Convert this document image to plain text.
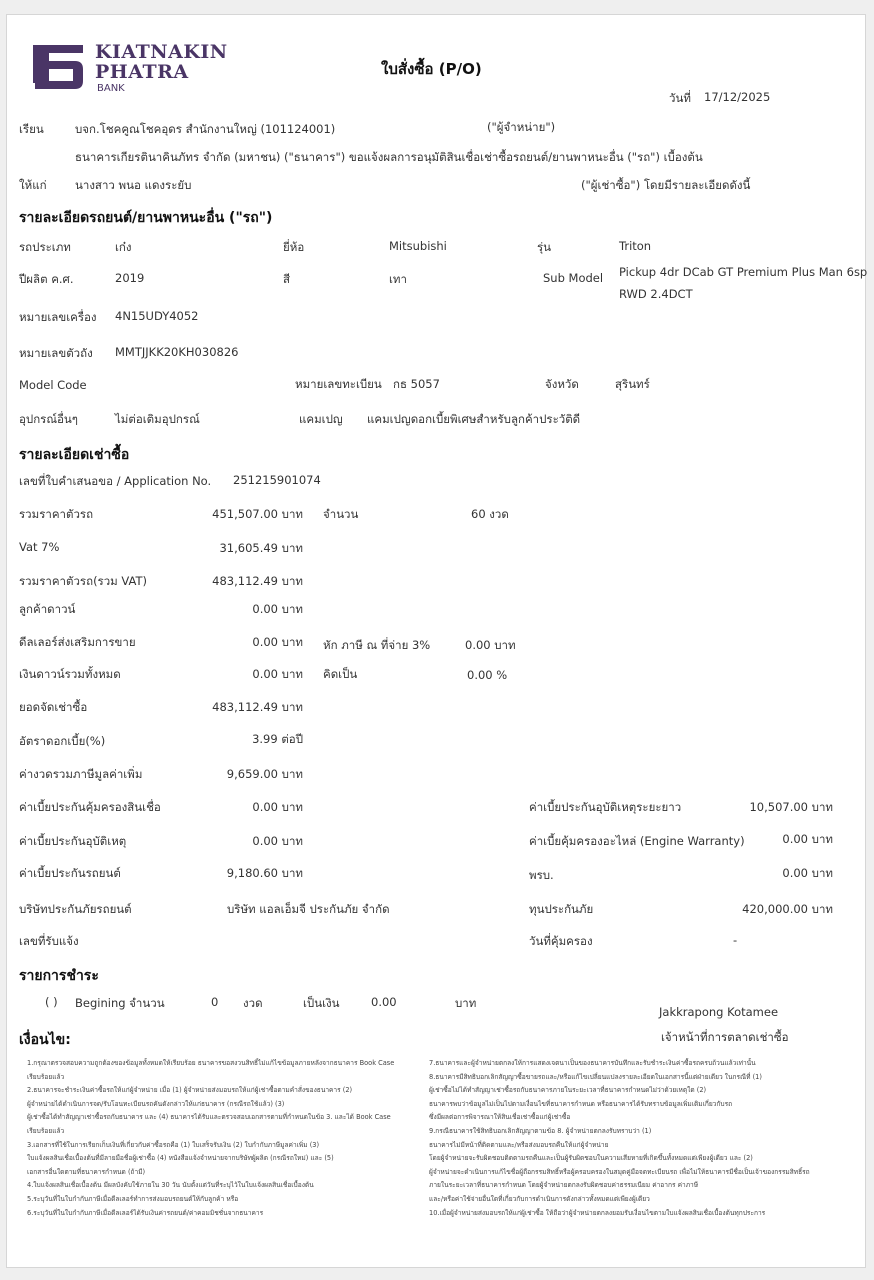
KIATNAKIN
PHATRA
BANK
ใบสั่งซื้อ (P/O)
วันที่ 17/12/2025
เรียน	บจก.โชคคูณโชคอุดร สำนักงานใหญ่ (101124001)	("ผู้จำหน่าย")
ธนาคารเกียรตินาคินภัทร จำกัด (มหาชน) ("ธนาคาร") ขอแจ้งผลการอนุมัติสินเชื่อเช่าซื้อรถยนต์/ยานพาหนะอื่น ("รถ") เบื้องต้น
ให้แก่ นางสาว พนอ แดงระยับ	("ผู้เช่าซื้อ") โดยมีรายละเอียดดังนี้
รายละเอียดรถยนต์/ยานพาหนะอื่น ("รถ")
รถประเภท	เก๋ง	ยี่ห้อ	Mitsubishi	รุ่น	Triton
ปีผลิต ค.ศ.	2019	สี	เทา	Sub Model Pickup 4dr DCab GT Premium Plus Man 6sp
RWD 2.4DCT
หมายเลขเครื่อง 4N15UDY4052
หมายเลขตัวถัง MMTJJKK20KH030826
Model Code	หมายเลขทะเบียน กธ 5057	จังหวัด	สุรินทร์
อุปกรณ์อื่นๆ	ไม่ต่อเติมอุปกรณ์	แคมเปญ แคมเปญดอกเบี้ยพิเศษสำหรับลูกค้าประวัติดี
รายละเอียดเช่าซื้อ
เลขที่ใบคำเสนอขอ / Application No. 251215901074
รวมราคาตัวรถ	451,507.00 บาท จำนวน	60 งวด
Vat 7%	31,605.49 บาท
รวมราคาตัวรถ(รวม VAT)	483,112.49 บาท
ลูกค้าดาวน์	0.00 บาท
ดีลเลอร์ส่งเสริมการขาย	0.00 บาท หัก ภาษี ณ ที่จ่าย 3%	0.00 บาท
เงินดาวน์รวมทั้งหมด	0.00 บาท คิดเป็น	0.00 %
ยอดจัดเช่าซื้อ	483,112.49 บาท
อัตราดอกเบี้ย(%)	3.99 ต่อปี
ค่างวดรวมภาษีมูลค่าเพิ่ม	9,659.00 บาท
ค่าเบี้ยประกันคุ้มครองสินเชื่อ	0.00 บาท	ค่าเบี้ยประกันอุบัติเหตุระยะยาว	10,507.00 บาท
ค่าเบี้ยประกันอุบัติเหตุ	0.00 บาท	ค่าเบี้ยคุ้มครองอะไหล่ (Engine Warranty)	0.00 บาท
ค่าเบี้ยประกันรถยนต์	9,180.60 บาท	พรบ.	0.00 บาท
บริษัทประกันภัยรถยนต์	บริษัท แอลเอ็มจี ประกันภัย จำกัด	ทุนประกันภัย	420,000.00 บาท
เลขที่รับแจ้ง	วันที่คุ้มครอง	-
รายการชำระ
( ) Begining จำนวน	0 งวด	เป็นเงิน	0.00	บาท
Jakkrapong Kotamee
เจ้าหน้าที่การตลาดเช่าซื้อ
เงื่อนไข:
1.กรุณาตรวจสอบความถูกต้องของข้อมูลทั้งหมดให้เรียบร้อย ธนาคารขอสงวนสิทธิ์ไม่แก้ไขข้อมูลภายหลังจากธนาคาร Book Case
เรียบร้อยแล้ว
2.ธนาคารจะชำระเงินค่าซื้อรถให้แก่ผู้จำหน่าย เมื่อ (1) ผู้จำหน่ายส่งมอบรถให้แก่ผู้เช่าซื้อตามคำสั่งของธนาคาร (2)
ผู้จำหน่ายได้ดำเนินการจด/รับโอนทะเบียนรถคันดังกล่าวให้แก่ธนาคาร (กรณีรถใช้แล้ว) (3)
ผู้เช่าซื้อได้ทำสัญญาเช่าซื้อรถกับธนาคาร และ (4) ธนาคารได้รับและตรวจสอบเอกสารตามที่กำหนดในข้อ 3. และได้ Book Case
เรียบร้อยแล้ว
3.เอกสารที่ใช้ในการเรียกเก็บเงินที่เกี่ยวกับค่าซื้อรถคือ (1) ใบเสร็จรับเงิน (2) ใบกำกับภาษีมูลค่าเพิ่ม (3)
ใบแจ้งผลสินเชื่อเบื้องต้นที่มีลายมือชื่อผู้เช่าซื้อ (4) หนังสือแจ้งจำหน่ายจากบริษัทผู้ผลิต (กรณีรถใหม่) และ (5)
เอกสารอื่นใดตามที่ธนาคารกำหนด (ถ้ามี)
4.ใบแจ้งผลสินเชื่อเบื้องต้น มีผลบังคับใช้ภายใน 30 วัน นับตั้งแต่วันที่ระบุไว้ในใบแจ้งผลสินเชื่อเบื้องต้น
5.ระบุวันที่ในใบกำกับภาษีเมื่อดีลเลอร์ทำการส่งมอบรถยนต์ให้กับลูกค้า หรือ
6.ระบุวันที่ในใบกำกับภาษีเมื่อดีลเลอร์ได้รับเงินค่ารถยนต์/ค่าคอมมิชชั่นจากธนาคาร
7.ธนาคารและผู้จำหน่ายตกลงให้การแสดงเจตนาเป็นของธนาคารบันทึกและรับชำระเงินค่าซื้อรถครบถ้วนแล้วเท่านั้น
8.ธนาคารมีสิทธิบอกเลิกสัญญาซื้อขายรถและ/หรือแก้ไขเปลี่ยนแปลงรายละเอียดในเอกสารนี้แต่ฝ่ายเดียว ในกรณีที่ (1)
ผู้เช่าซื้อไม่ได้ทำสัญญาเช่าซื้อรถกับธนาคารภายในระยะเวลาที่ธนาคารกำหนดไม่ว่าด้วยเหตุใด (2)
ธนาคารพบว่าข้อมูลไม่เป็นไปตามเงื่อนไขที่ธนาคารกำหนด หรือธนาคารได้รับทราบข้อมูลเพิ่มเติมเกี่ยวกับรถ
ซึ่งมีผลต่อการพิจารณาให้สินเชื่อเช่าซื้อแก่ผู้เช่าซื้อ
9.กรณีธนาคารใช้สิทธิบอกเลิกสัญญาตามข้อ 8. ผู้จำหน่ายตกลงรับทราบว่า (1)
ธนาคารไม่มีหน้าที่ติดตามและ/หรือส่งมอบรถคืนให้แก่ผู้จำหน่าย
โดยผู้จำหน่ายจะรับผิดชอบติดตามรถคืนและเป็นผู้รับผิดชอบในความเสียหายที่เกิดขึ้นทั้งหมดแต่เพียงผู้เดียว และ (2)
ผู้จำหน่ายจะดำเนินการแก้ไขชื่อผู้ถือกรรมสิทธิ์หรือผู้ครอบครองในสมุดคู่มือจดทะเบียนรถ เพื่อไม่ให้ธนาคารมีชื่อเป็นเจ้าของกรรมสิทธิ์รถ
ภายในระยะเวลาที่ธนาคารกำหนด โดยผู้จำหน่ายตกลงรับผิดชอบค่าธรรมเนียม ค่าอากร ค่าภาษี
และ/หรือค่าใช้จ่ายอื่นใดที่เกี่ยวกับการดำเนินการดังกล่าวทั้งหมดแต่เพียงผู้เดียว
10.เมื่อผู้จำหน่ายส่งมอบรถให้แก่ผู้เช่าซื้อ ให้ถือว่าผู้จำหน่ายตกลงยอมรับเงื่อนไขตามใบแจ้งผลสินเชื่อเบื้องต้นทุกประการ
